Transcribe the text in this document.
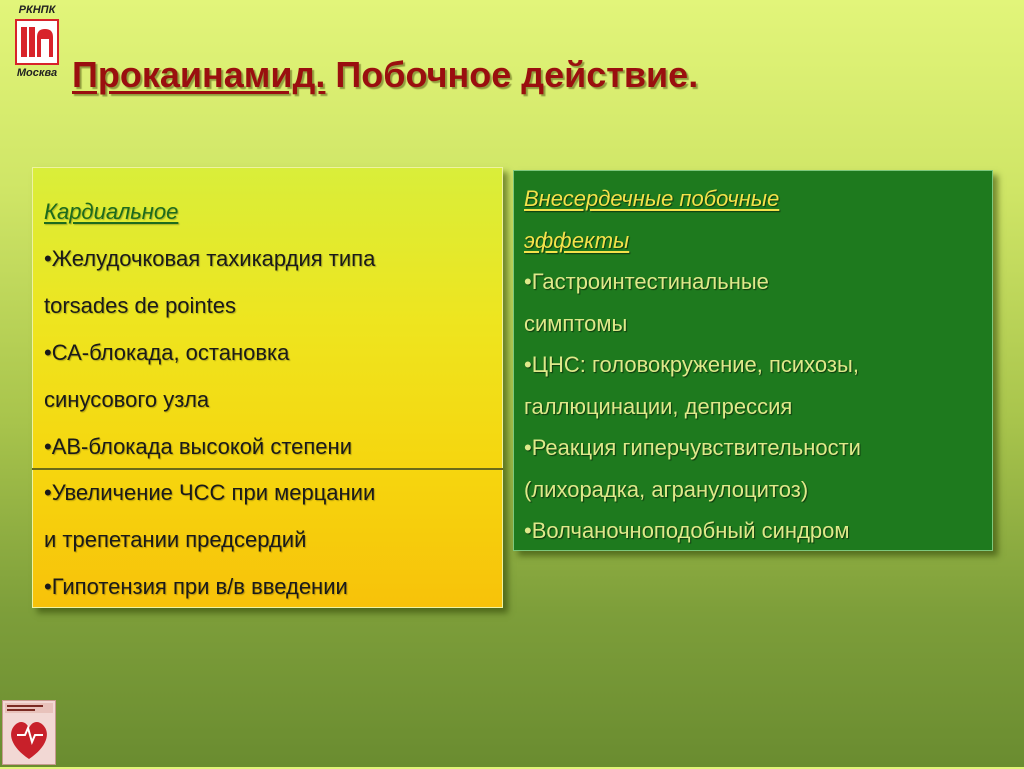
РКНПК
Москва Прокаинамид. Побочное действие.
Кардиальное
•Желудочковая тахикардия типа
torsades de pointes
•СА-блокада, остановка
синусового узла
•АВ-блокада высокой степени
•Увеличение ЧСС при мерцании
и трепетании предсердий
•Гипотензия при в/в введении
Внесердечные побочные
эффекты
•Гастроинтестинальные
симптомы
•ЦНС: головокружение, психозы,
галлюцинации, депрессия
•Реакция гиперчувствительности
(лихорадка, агранулоцитоз)
•Волчаночноподобный синдром
